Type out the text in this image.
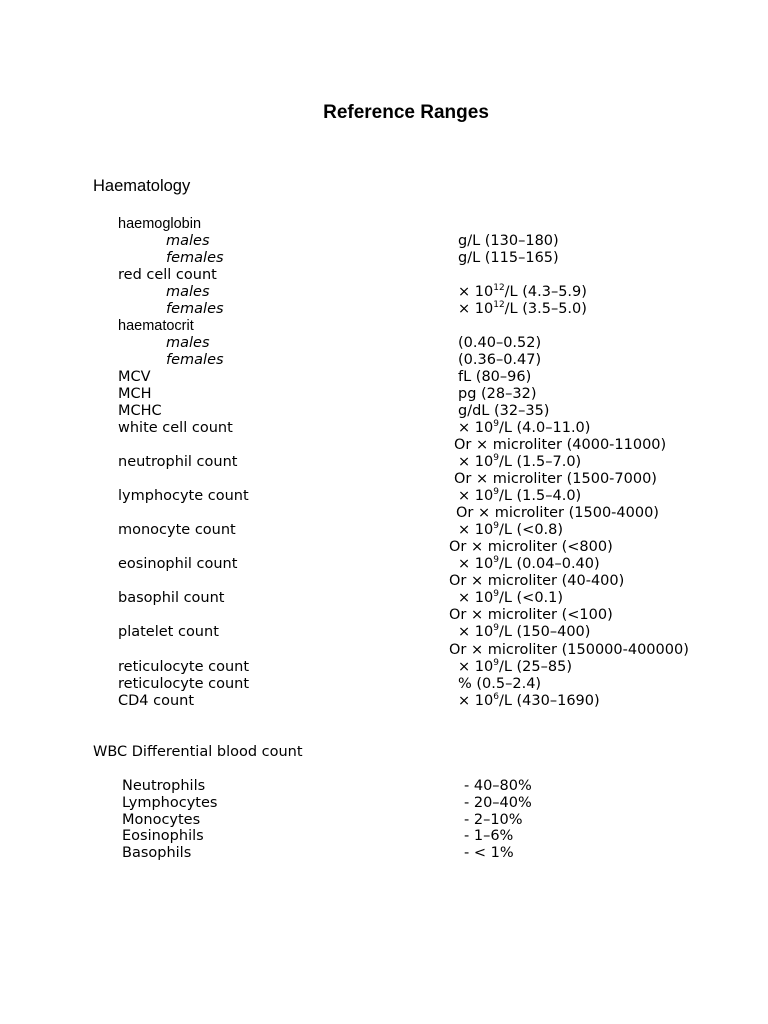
Reference Ranges
Haematology
haemoglobin
males	g/L (130–180)
females	g/L (115–165)
red cell count
males	× $10^{12}/L$ (4.3–5.9)
females	× $10^{12}/L$ (3.5–5.0)
haematocrit
males	(0.40–0.52)
females	(0.36–0.47)
MCV	fL (80–96)
MCH	pg (28–32)
MCHC	g/dL (32–35)
white cell count	× $10^9/L$ (4.0–11.0)
Or × microliter (4000-11000)
neutrophil count	× $10^9/L$ (1.5–7.0)
Or × microliter (1500-7000)
lymphocyte count	× $10^9/L$ (1.5–4.0)
Or × microliter (1500-4000)
monocyte count	× $10^9/L$ (<0.8)
Or × microliter (<800)
eosinophil count	× $10^9/L$ (0.04–0.40)
Or × microliter (40-400)
basophil count	× $10^9/L$ (<0.1)
Or × microliter (<100)
platelet count	× $10^9/L$ (150–400)
Or × microliter (150000-400000)
reticulocyte count	× $10^9/L$ (25–85)
reticulocyte count	% (0.5–2.4)
CD4 count	× $10^6/L$ (430–1690)
WBC Differential blood count
Neutrophils	- 40–80%
Lymphocytes	- 20–40%
Monocytes	- 2–10%
Eosinophils	- 1–6%
Basophils	- < 1%
